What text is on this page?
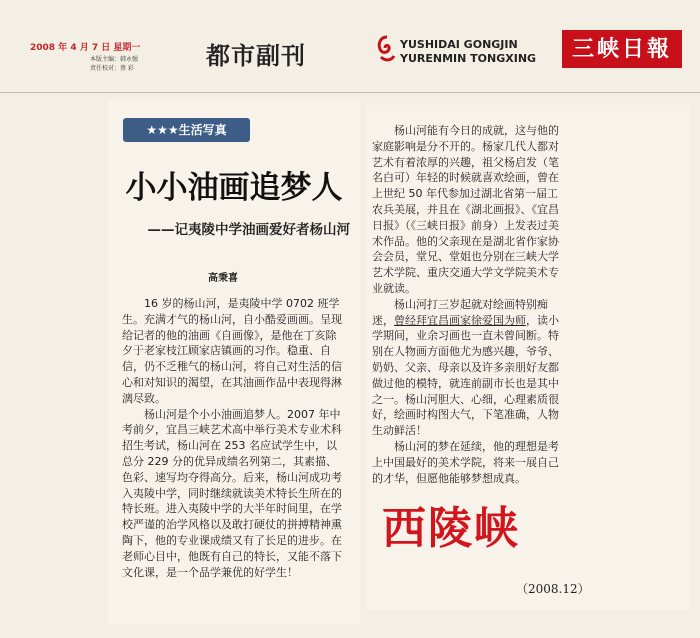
2008 年 4 月 7 日 星期一
本版主编：韩永强
责任校对：蔡 彩	都市副刊	YUSHIDAI GONGJIN
YURENMIN TONGXING	三峡日報
★★★生活写真
小小油画追梦人
——记夷陵中学油画爱好者杨山河
高秉喜

16 岁的杨山河，是夷陵中学 0702 班学生。充满才气的杨山河，自小酷爱画画。呈现给记者的他的油画《自画像》，是他在丁亥除夕于老家枝江顾家店镇画的习作。稳重、自信，仍不乏稚气的杨山河，将自己对生活的信心和对知识的渴望，在其油画作品中表现得淋漓尽致。

杨山河是个小小油画追梦人。2007 年中考前夕，宜昌三峡艺术高中举行美术专业术科招生考试，杨山河在 253 名应试学生中，以总分 229 分的优异成绩名列第二，其素描、色彩、速写均夺得高分。后来，杨山河成功考入夷陵中学，同时继续就读美术特长生所在的特长班。进入夷陵中学的大半年时间里，在学校严谨的治学风格以及敢打硬仗的拼搏精神熏陶下，他的专业课成绩又有了长足的进步。在老师心目中，他既有自己的特长，又能不落下文化课，是一个品学兼优的好学生！

杨山河能有今日的成就，这与他的家庭影响是分不开的。杨家几代人都对艺术有着浓厚的兴趣，祖父杨启发（笔名白可）年轻的时候就喜欢绘画，曾在上世纪 50 年代参加过湖北省第一届工农兵美展，并且在《湖北画报》、《宜昌日报》（《三峡日报》前身）上发表过美术作品。他的父亲现在是湖北省作家协会会员，堂兄、堂姐也分别在三峡大学艺术学院、重庆交通大学文学院美术专业就读。

杨山河打三岁起就对绘画特别痴迷，曾经拜宜昌画家徐爱国为师，读小学期间，业余习画也一直未曾间断。特别在人物画方面他尤为感兴趣，爷爷、奶奶、父亲、母亲以及许多亲朋好友都做过他的模特，就连前副市长也是其中之一。杨山河胆大、心细，心理素质很好，绘画时构图大气，下笔准确，人物生动鲜活！

杨山河的梦在延续，他的理想是考上中国最好的美术学院，将来一展自己的才华，但愿他能够梦想成真。

西陵峡
（2008.12）
